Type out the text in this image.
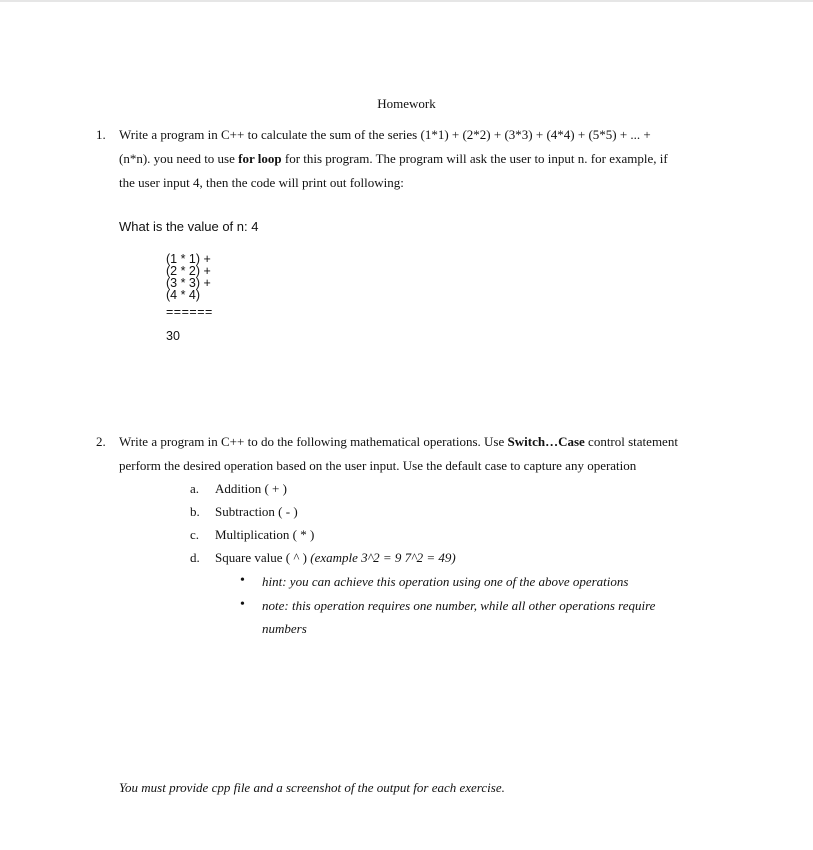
Homework
1. Write a program in C++ to calculate the sum of the series (1*1) + (2*2) + (3*3) + (4*4) + (5*5) + ... +
(n*n). you need to use for loop for this program. The program will ask the user to input n. for example, if
the user input 4, then the code will print out following:
What is the value of n: 4
(1 * 1) +
(2 * 2) +
(3 * 3) +
(4 * 4)
======
30
2. Write a program in C++ to do the following mathematical operations. Use Switch…Case control statement
perform the desired operation based on the user input. Use the default case to capture any operation
a. Addition ( + )
b. Subtraction ( - )
c. Multiplication ( * )
d. Square value ( ^ ) (example 3^2 = 9 7^2 = 49)
• hint: you can achieve this operation using one of the above operations
• note: this operation requires one number, while all other operations require
numbers
You must provide cpp file and a screenshot of the output for each exercise.
